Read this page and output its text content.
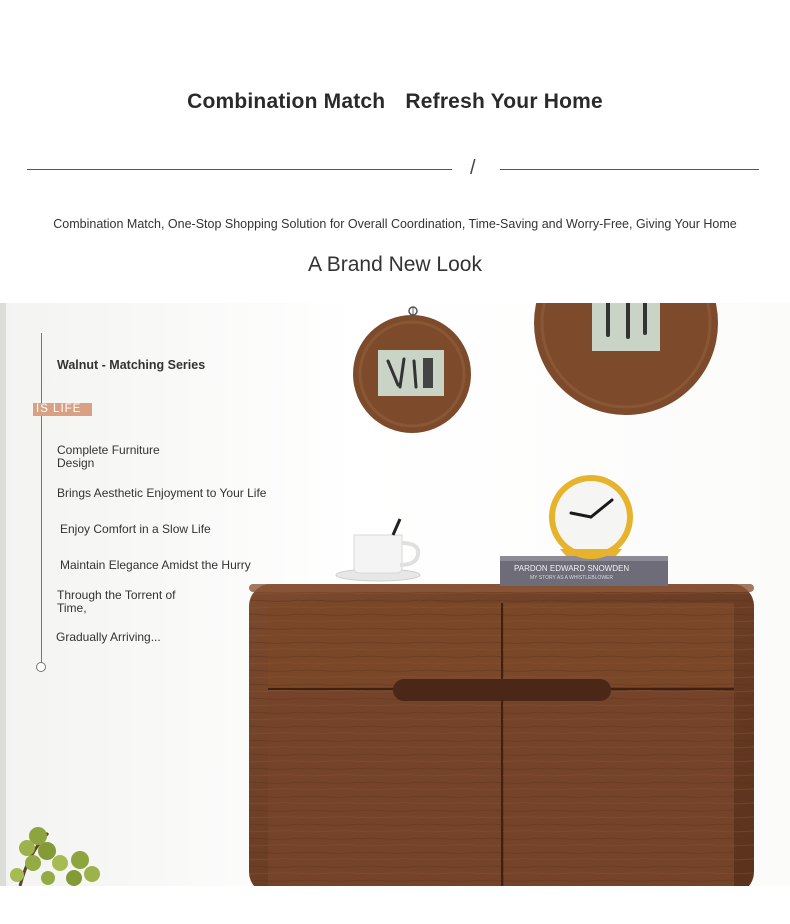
Combination Match Refresh Your Home
/
Combination Match, One-Stop Shopping Solution for Overall Coordination, Time-Saving and Worry-Free, Giving Your Home
A Brand New Look
PARDON EDWARD SNOWDEN
MY STORY AS A WHISTLEBLOWER
Walnut - Matching Series
IS LIFE
Complete Furniture Design
Brings Aesthetic Enjoyment to Your Life
Enjoy Comfort in a Slow Life
Maintain Elegance Amidst the Hurry
Through the Torrent of Time,
Gradually Arriving...
